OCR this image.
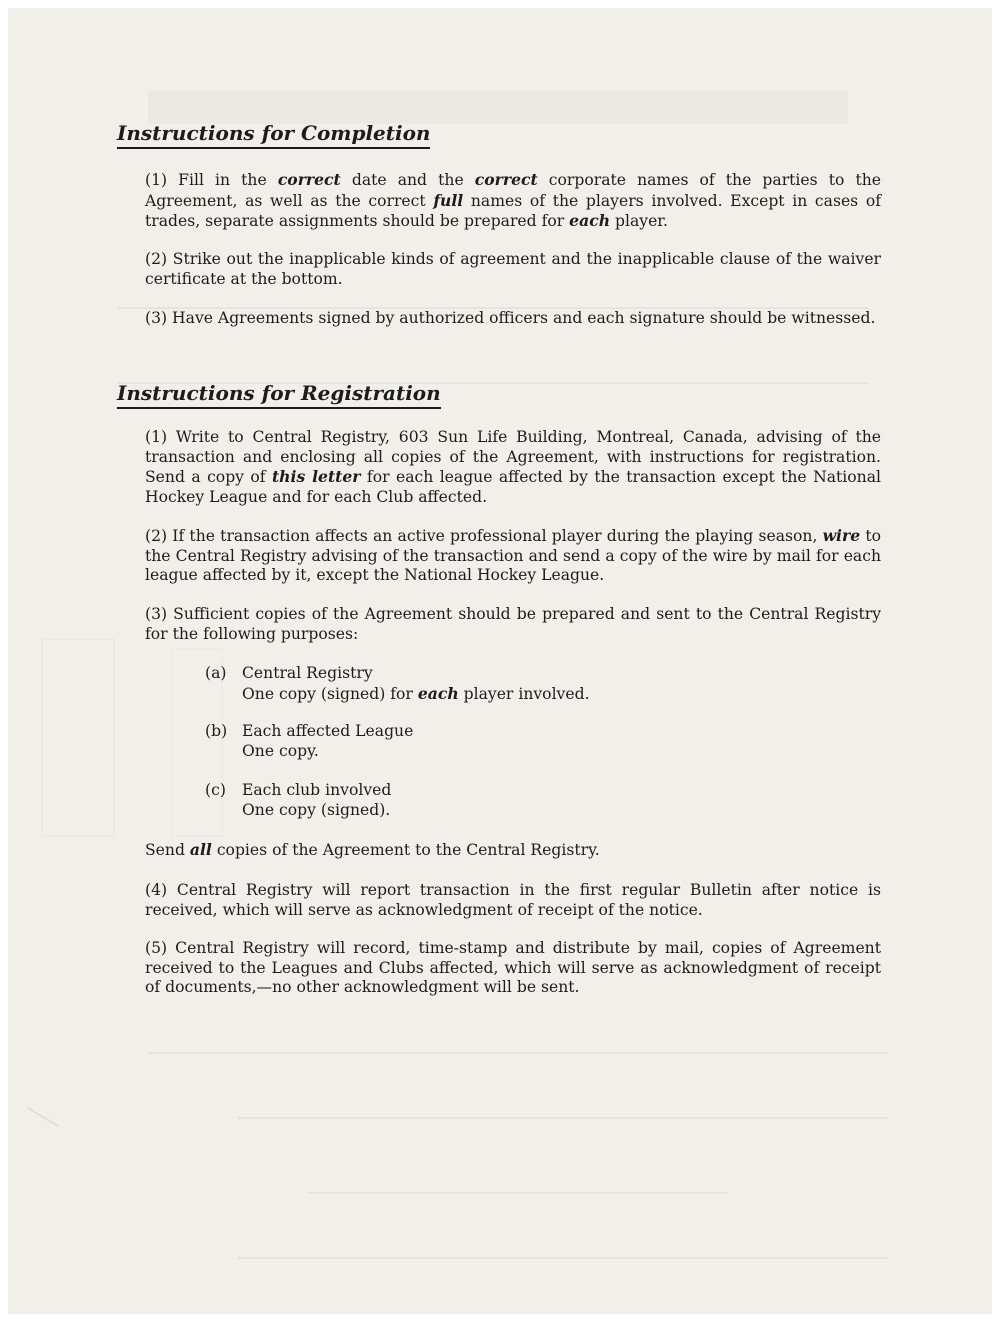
Instructions for Completion
(1) Fill in the correct date and the correct corporate names of the parties to the Agreement, as well as the correct full names of the players involved. Except in cases of trades, separate assignments should be prepared for each player.
(2) Strike out the inapplicable kinds of agreement and the inapplicable clause of the waiver certificate at the bottom.
(3) Have Agreements signed by authorized officers and each signature should be witnessed.
Instructions for Registration
(1) Write to Central Registry, 603 Sun Life Building, Montreal, Canada, advising of the transaction and enclosing all copies of the Agreement, with instructions for registration. Send a copy of this letter for each league affected by the transaction except the National Hockey League and for each Club affected.
(2) If the transaction affects an active professional player during the playing season, wire to the Central Registry advising of the transaction and send a copy of the wire by mail for each league affected by it, except the National Hockey League.
(3) Sufficient copies of the Agreement should be prepared and sent to the Central Registry for the following purposes:
(a) Central Registry
One copy (signed) for each player involved.
(b) Each affected League
One copy.
(c) Each club involved
One copy (signed).
Send all copies of the Agreement to the Central Registry.
(4) Central Registry will report transaction in the first regular Bulletin after notice is received, which will serve as acknowledgment of receipt of the notice.
(5) Central Registry will record, time-stamp and distribute by mail, copies of Agreement received to the Leagues and Clubs affected, which will serve as acknowledgment of receipt of documents,—no other acknowledgment will be sent.
